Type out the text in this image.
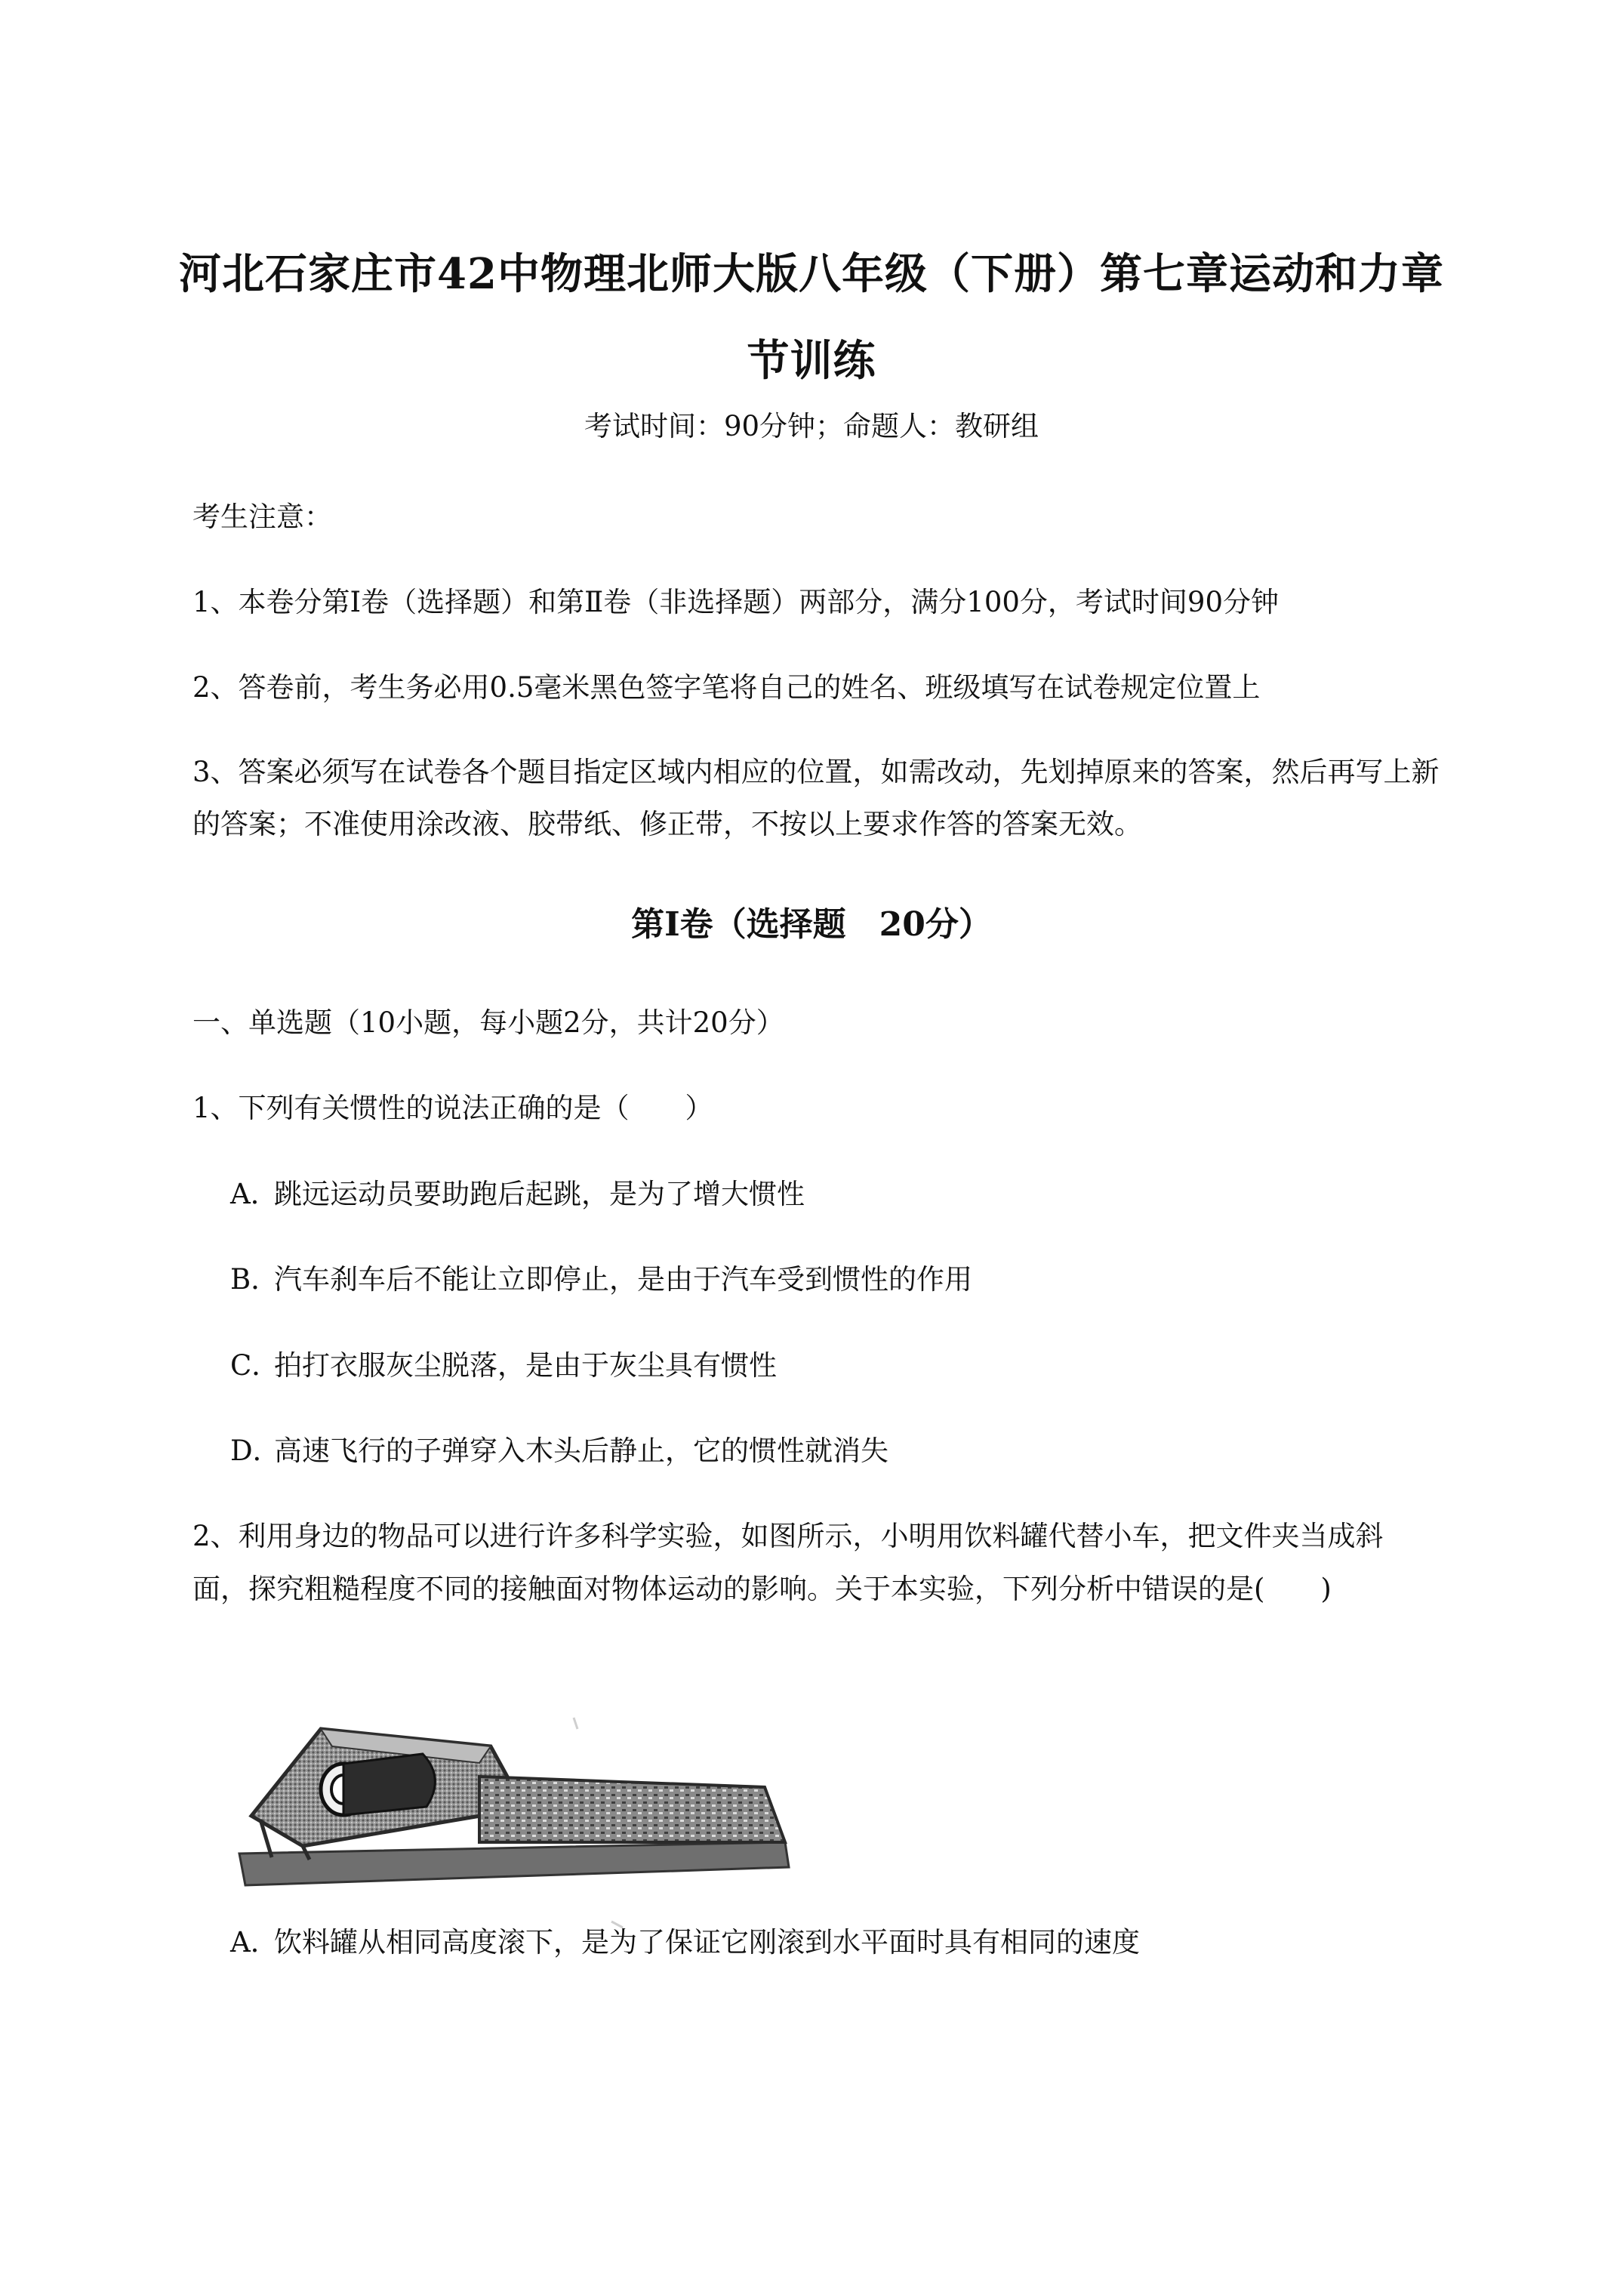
河北石家庄市42中物理北师大版八年级（下册）第七章运动和力章
节训练
考试时间：90分钟；命题人：教研组
考生注意：
1、本卷分第I卷（选择题）和第Ⅱ卷（非选择题）两部分，满分100分，考试时间90分钟
2、答卷前，考生务必用0.5毫米黑色签字笔将自己的姓名、班级填写在试卷规定位置上
3、答案必须写在试卷各个题目指定区域内相应的位置，如需改动，先划掉原来的答案，然后再写上新
的答案；不准使用涂改液、胶带纸、修正带，不按以上要求作答的答案无效。
第I卷（选择题　20分）
一、单选题（10小题，每小题2分，共计20分）
1、下列有关惯性的说法正确的是（　　）
A．跳远运动员要助跑后起跳，是为了增大惯性
B．汽车刹车后不能让立即停止，是由于汽车受到惯性的作用
C．拍打衣服灰尘脱落，是由于灰尘具有惯性
D．高速飞行的子弹穿入木头后静止，它的惯性就消失
2、利用身边的物品可以进行许多科学实验，如图所示，小明用饮料罐代替小车，把文件夹当成斜
面，探究粗糙程度不同的接触面对物体运动的影响。关于本实验，下列分析中错误的是(　　)
A．饮料罐从相同高度滚下，是为了保证它刚滚到水平面时具有相同的速度
